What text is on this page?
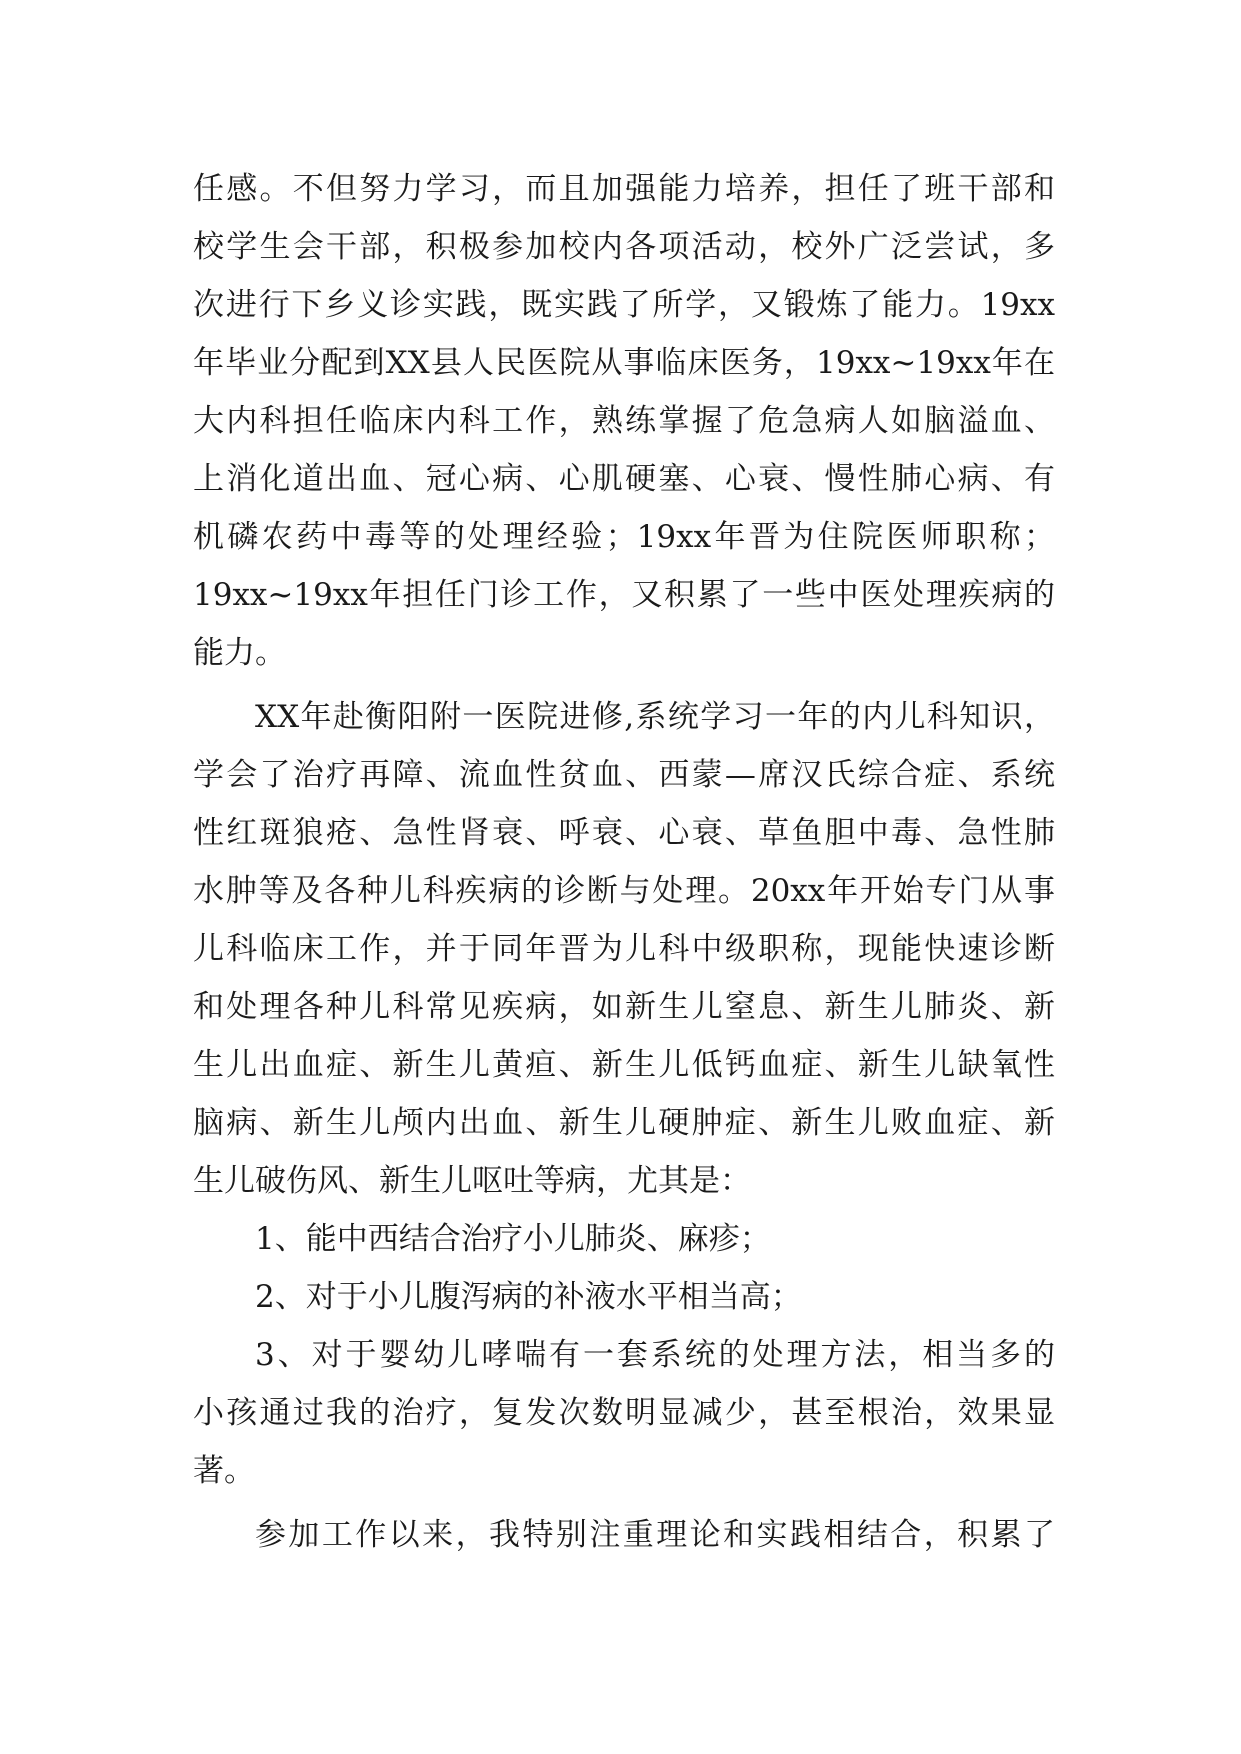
任感。不但努力学习，而且加强能力培养，担任了班干部和
校学生会干部，积极参加校内各项活动，校外广泛尝试，多
次进行下乡义诊实践，既实践了所学，又锻炼了能力。19xx
年毕业分配到XX县人民医院从事临床医务，19xx~19xx年在
大内科担任临床内科工作，熟练掌握了危急病人如脑溢血、
上消化道出血、冠心病、心肌硬塞、心衰、慢性肺心病、有
机磷农药中毒等的处理经验；19xx年晋为住院医师职称；
19xx~19xx年担任门诊工作，又积累了一些中医处理疾病的
能力。
XX年赴衡阳附一医院进修,系统学习一年的内儿科知识，
学会了治疗再障、流血性贫血、西蒙—席汉氏综合症、系统
性红斑狼疮、急性肾衰、呼衰、心衰、草鱼胆中毒、急性肺
水肿等及各种儿科疾病的诊断与处理。20xx年开始专门从事
儿科临床工作，并于同年晋为儿科中级职称，现能快速诊断
和处理各种儿科常见疾病，如新生儿窒息、新生儿肺炎、新
生儿出血症、新生儿黄疸、新生儿低钙血症、新生儿缺氧性
脑病、新生儿颅内出血、新生儿硬肿症、新生儿败血症、新
生儿破伤风、新生儿呕吐等病，尤其是：
1、能中西结合治疗小儿肺炎、麻疹；
2、对于小儿腹泻病的补液水平相当高；
3、对于婴幼儿哮喘有一套系统的处理方法，相当多的
小孩通过我的治疗，复发次数明显减少，甚至根治，效果显
著。
参加工作以来，我特别注重理论和实践相结合，积累了
